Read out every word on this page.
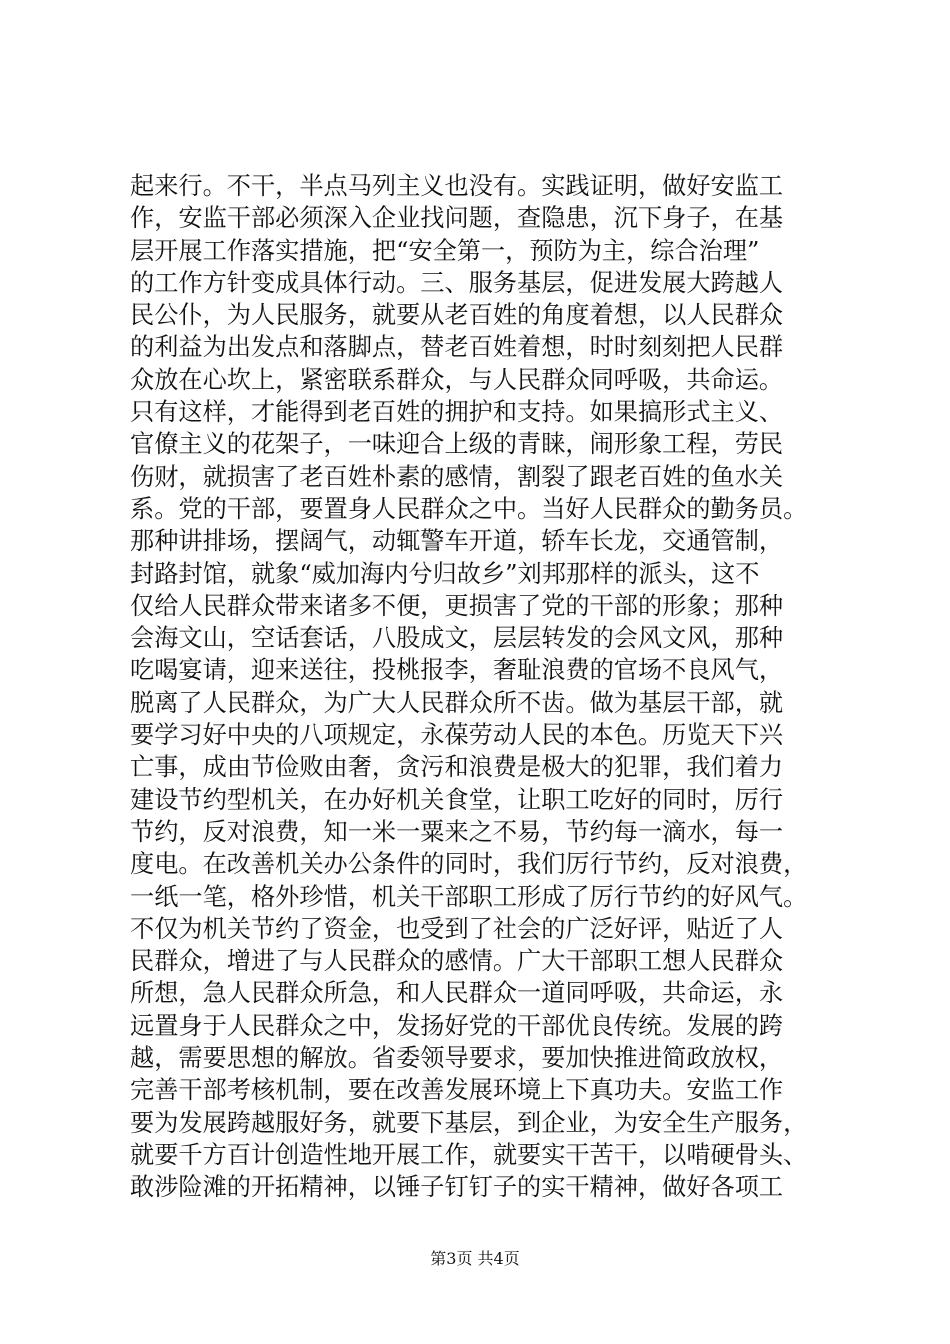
起来行。不干，半点马列主义也没有。实践证明，做好安监工
作，安监干部必须深入企业找问题，查隐患，沉下身子，在基
层开展工作落实措施，把“安全第一，预防为主，综合治理”
的工作方针变成具体行动。三、服务基层，促进发展大跨越人
民公仆，为人民服务，就要从老百姓的角度着想，以人民群众
的利益为出发点和落脚点，替老百姓着想，时时刻刻把人民群
众放在心坎上，紧密联系群众，与人民群众同呼吸，共命运。
只有这样，才能得到老百姓的拥护和支持。如果搞形式主义、
官僚主义的花架子，一味迎合上级的青睐，闹形象工程，劳民
伤财，就损害了老百姓朴素的感情，割裂了跟老百姓的鱼水关
系。党的干部，要置身人民群众之中。当好人民群众的勤务员。
那种讲排场，摆阔气，动辄警车开道，轿车长龙，交通管制，
封路封馆，就象“威加海内兮归故乡”刘邦那样的派头，这不
仅给人民群众带来诸多不便，更损害了党的干部的形象；那种
会海文山，空话套话，八股成文，层层转发的会风文风，那种
吃喝宴请，迎来送往，投桃报李，奢耻浪费的官场不良风气，
脱离了人民群众，为广大人民群众所不齿。做为基层干部，就
要学习好中央的八项规定，永葆劳动人民的本色。历览天下兴
亡事，成由节俭败由奢，贪污和浪费是极大的犯罪，我们着力
建设节约型机关，在办好机关食堂，让职工吃好的同时，厉行
节约，反对浪费，知一米一粟来之不易，节约每一滴水，每一
度电。在改善机关办公条件的同时，我们厉行节约，反对浪费，
一纸一笔，格外珍惜，机关干部职工形成了厉行节约的好风气。
不仅为机关节约了资金，也受到了社会的广泛好评，贴近了人
民群众，增进了与人民群众的感情。广大干部职工想人民群众
所想，急人民群众所急，和人民群众一道同呼吸，共命运，永
远置身于人民群众之中，发扬好党的干部优良传统。发展的跨
越，需要思想的解放。省委领导要求，要加快推进简政放权，
完善干部考核机制，要在改善发展环境上下真功夫。安监工作
要为发展跨越服好务，就要下基层，到企业，为安全生产服务，
就要千方百计创造性地开展工作，就要实干苦干，以啃硬骨头、
敢涉险滩的开拓精神，以锤子钉钉子的实干精神，做好各项工
第3页 共4页
